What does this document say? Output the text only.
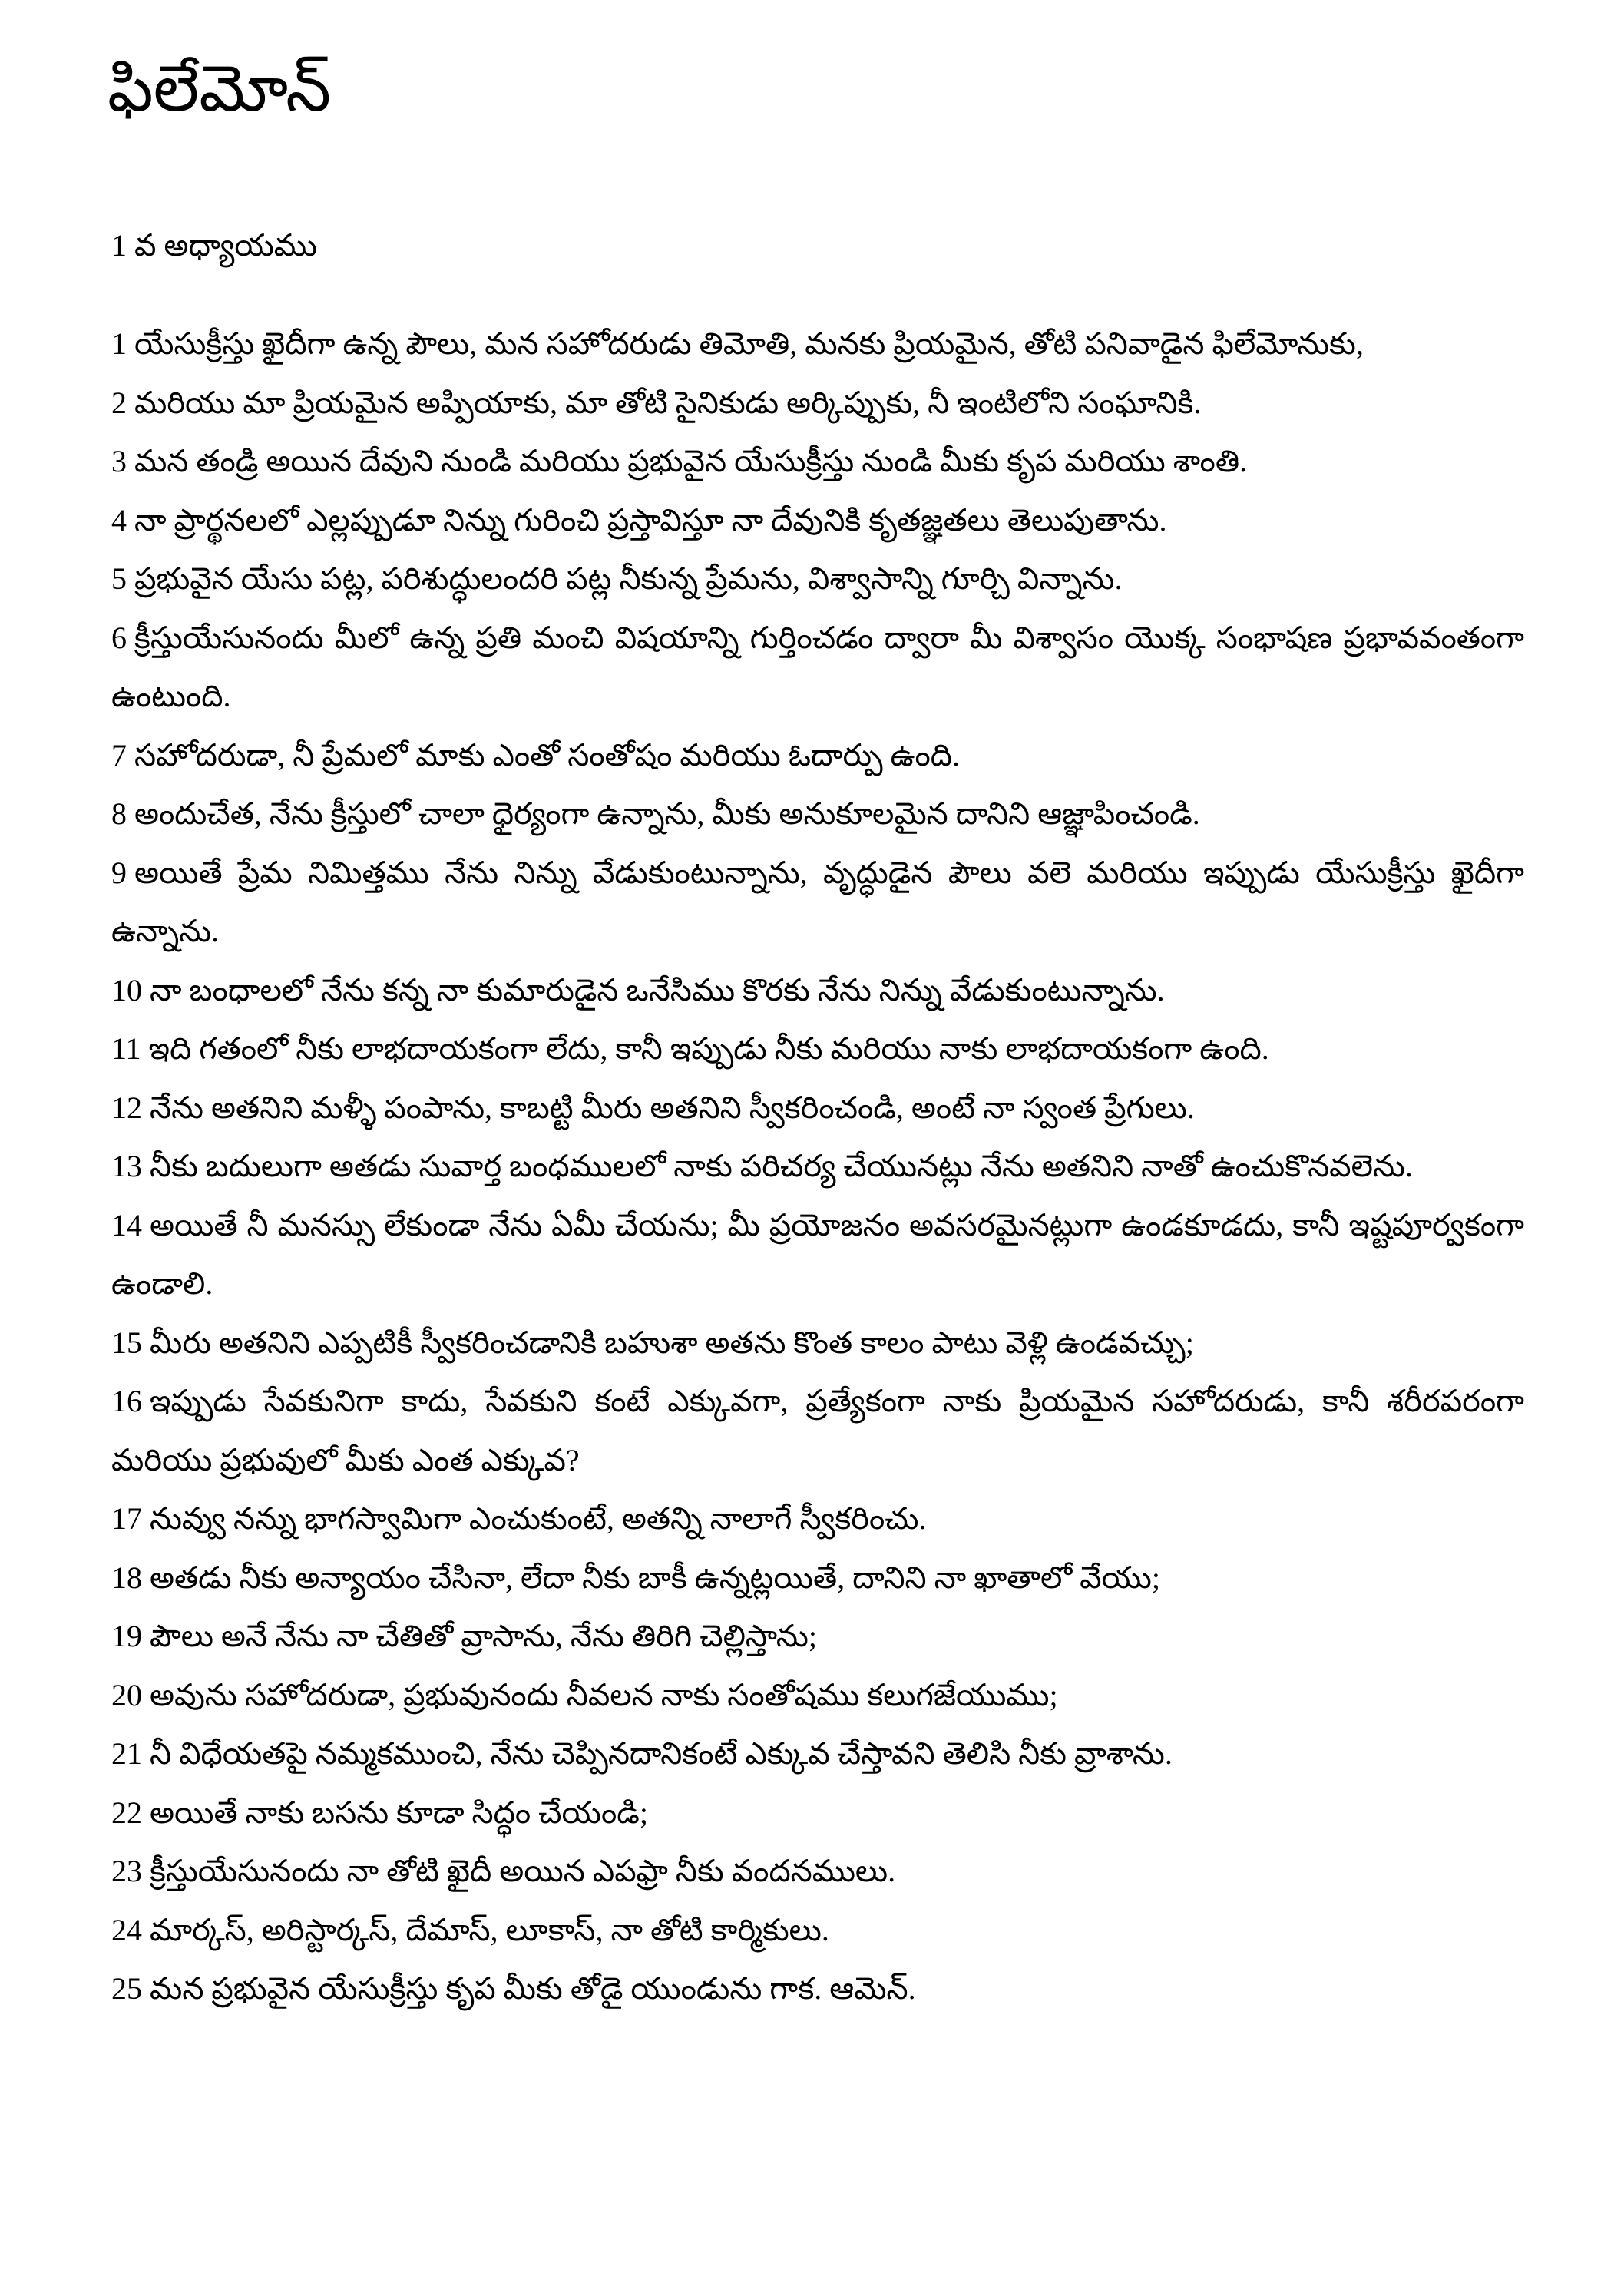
ఫిలేమోన్

1 వ అధ్యాయము

1 యేసుక్రీస్తు ఖైదీగా ఉన్న పౌలు, మన సహోదరుడు తిమోతి, మనకు ప్రియమైన, తోటి పనివాడైన ఫిలేమోనుకు,

2 మరియు మా ప్రియమైన అప్పియాకు, మా తోటి సైనికుడు అర్కిప్పుకు, నీ ఇంటిలోని సంఘానికి.

3 మన తండ్రి అయిన దేవుని నుండి మరియు ప్రభువైన యేసుక్రీస్తు నుండి మీకు కృప మరియు శాంతి.

4 నా ప్రార్థనలలో ఎల్లప్పుడూ నిన్ను గురించి ప్రస్తావిస్తూ నా దేవునికి కృతజ్ఞతలు తెలుపుతాను.

5 ప్రభువైన యేసు పట్ల, పరిశుద్ధులందరి పట్ల నీకున్న ప్రేమను, విశ్వాసాన్ని గూర్చి విన్నాను.

6 క్రీస్తుయేసునందు మీలో ఉన్న ప్రతి మంచి విషయాన్ని గుర్తించడం ద్వారా మీ విశ్వాసం యొక్క సంభాషణ ప్రభావవంతంగా ఉంటుంది.

7 సహోదరుడా, నీ ప్రేమలో మాకు ఎంతో సంతోషం మరియు ఓదార్పు ఉంది.

8 అందుచేత, నేను క్రీస్తులో చాలా ధైర్యంగా ఉన్నాను, మీకు అనుకూలమైన దానిని ఆజ్ఞాపించండి.

9 అయితే ప్రేమ నిమిత్తము నేను నిన్ను వేడుకుంటున్నాను, వృద్ధుడైన పౌలు వలె మరియు ఇప్పుడు యేసుక్రీస్తు ఖైదీగా ఉన్నాను.

10 నా బంధాలలో నేను కన్న నా కుమారుడైన ఒనేసిము కొరకు నేను నిన్ను వేడుకుంటున్నాను.

11 ఇది గతంలో నీకు లాభదాయకంగా లేదు, కానీ ఇప్పుడు నీకు మరియు నాకు లాభదాయకంగా ఉంది.

12 నేను అతనిని మళ్ళీ పంపాను, కాబట్టి మీరు అతనిని స్వీకరించండి, అంటే నా స్వంత ప్రేగులు.

13 నీకు బదులుగా అతడు సువార్త బంధములలో నాకు పరిచర్య చేయునట్లు నేను అతనిని నాతో ఉంచుకొనవలెను.

14 అయితే నీ మనస్సు లేకుండా నేను ఏమీ చేయను; మీ ప్రయోజనం అవసరమైనట్లుగా ఉండకూడదు, కానీ ఇష్టపూర్వకంగా ఉండాలి.

15 మీరు అతనిని ఎప్పటికీ స్వీకరించడానికి బహుశా అతను కొంత కాలం పాటు వెళ్లి ఉండవచ్చు;

16 ఇప్పుడు సేవకునిగా కాదు, సేవకుని కంటే ఎక్కువగా, ప్రత్యేకంగా నాకు ప్రియమైన సహోదరుడు, కానీ శరీరపరంగా మరియు ప్రభువులో మీకు ఎంత ఎక్కువ?

17 నువ్వు నన్ను భాగస్వామిగా ఎంచుకుంటే, అతన్ని నాలాగే స్వీకరించు.

18 అతడు నీకు అన్యాయం చేసినా, లేదా నీకు బాకీ ఉన్నట్లయితే, దానిని నా ఖాతాలో వేయు;

19 పౌలు అనే నేను నా చేతితో వ్రాసాను, నేను తిరిగి చెల్లిస్తాను;

20 అవును సహోదరుడా, ప్రభువునందు నీవలన నాకు సంతోషము కలుగజేయుము;

21 నీ విధేయతపై నమ్మకముంచి, నేను చెప్పినదానికంటే ఎక్కువ చేస్తావని తెలిసి నీకు వ్రాశాను.

22 అయితే నాకు బసను కూడా సిద్ధం చేయండి;

23 క్రీస్తుయేసునందు నా తోటి ఖైదీ అయిన ఎపఫ్రా నీకు వందనములు.

24 మార్కస్, అరిస్టార్కస్, దేమాస్, లూకాస్, నా తోటి కార్మికులు.

25 మన ప్రభువైన యేసుక్రీస్తు కృప మీకు తోడై యుండును గాక. ఆమెన్.
